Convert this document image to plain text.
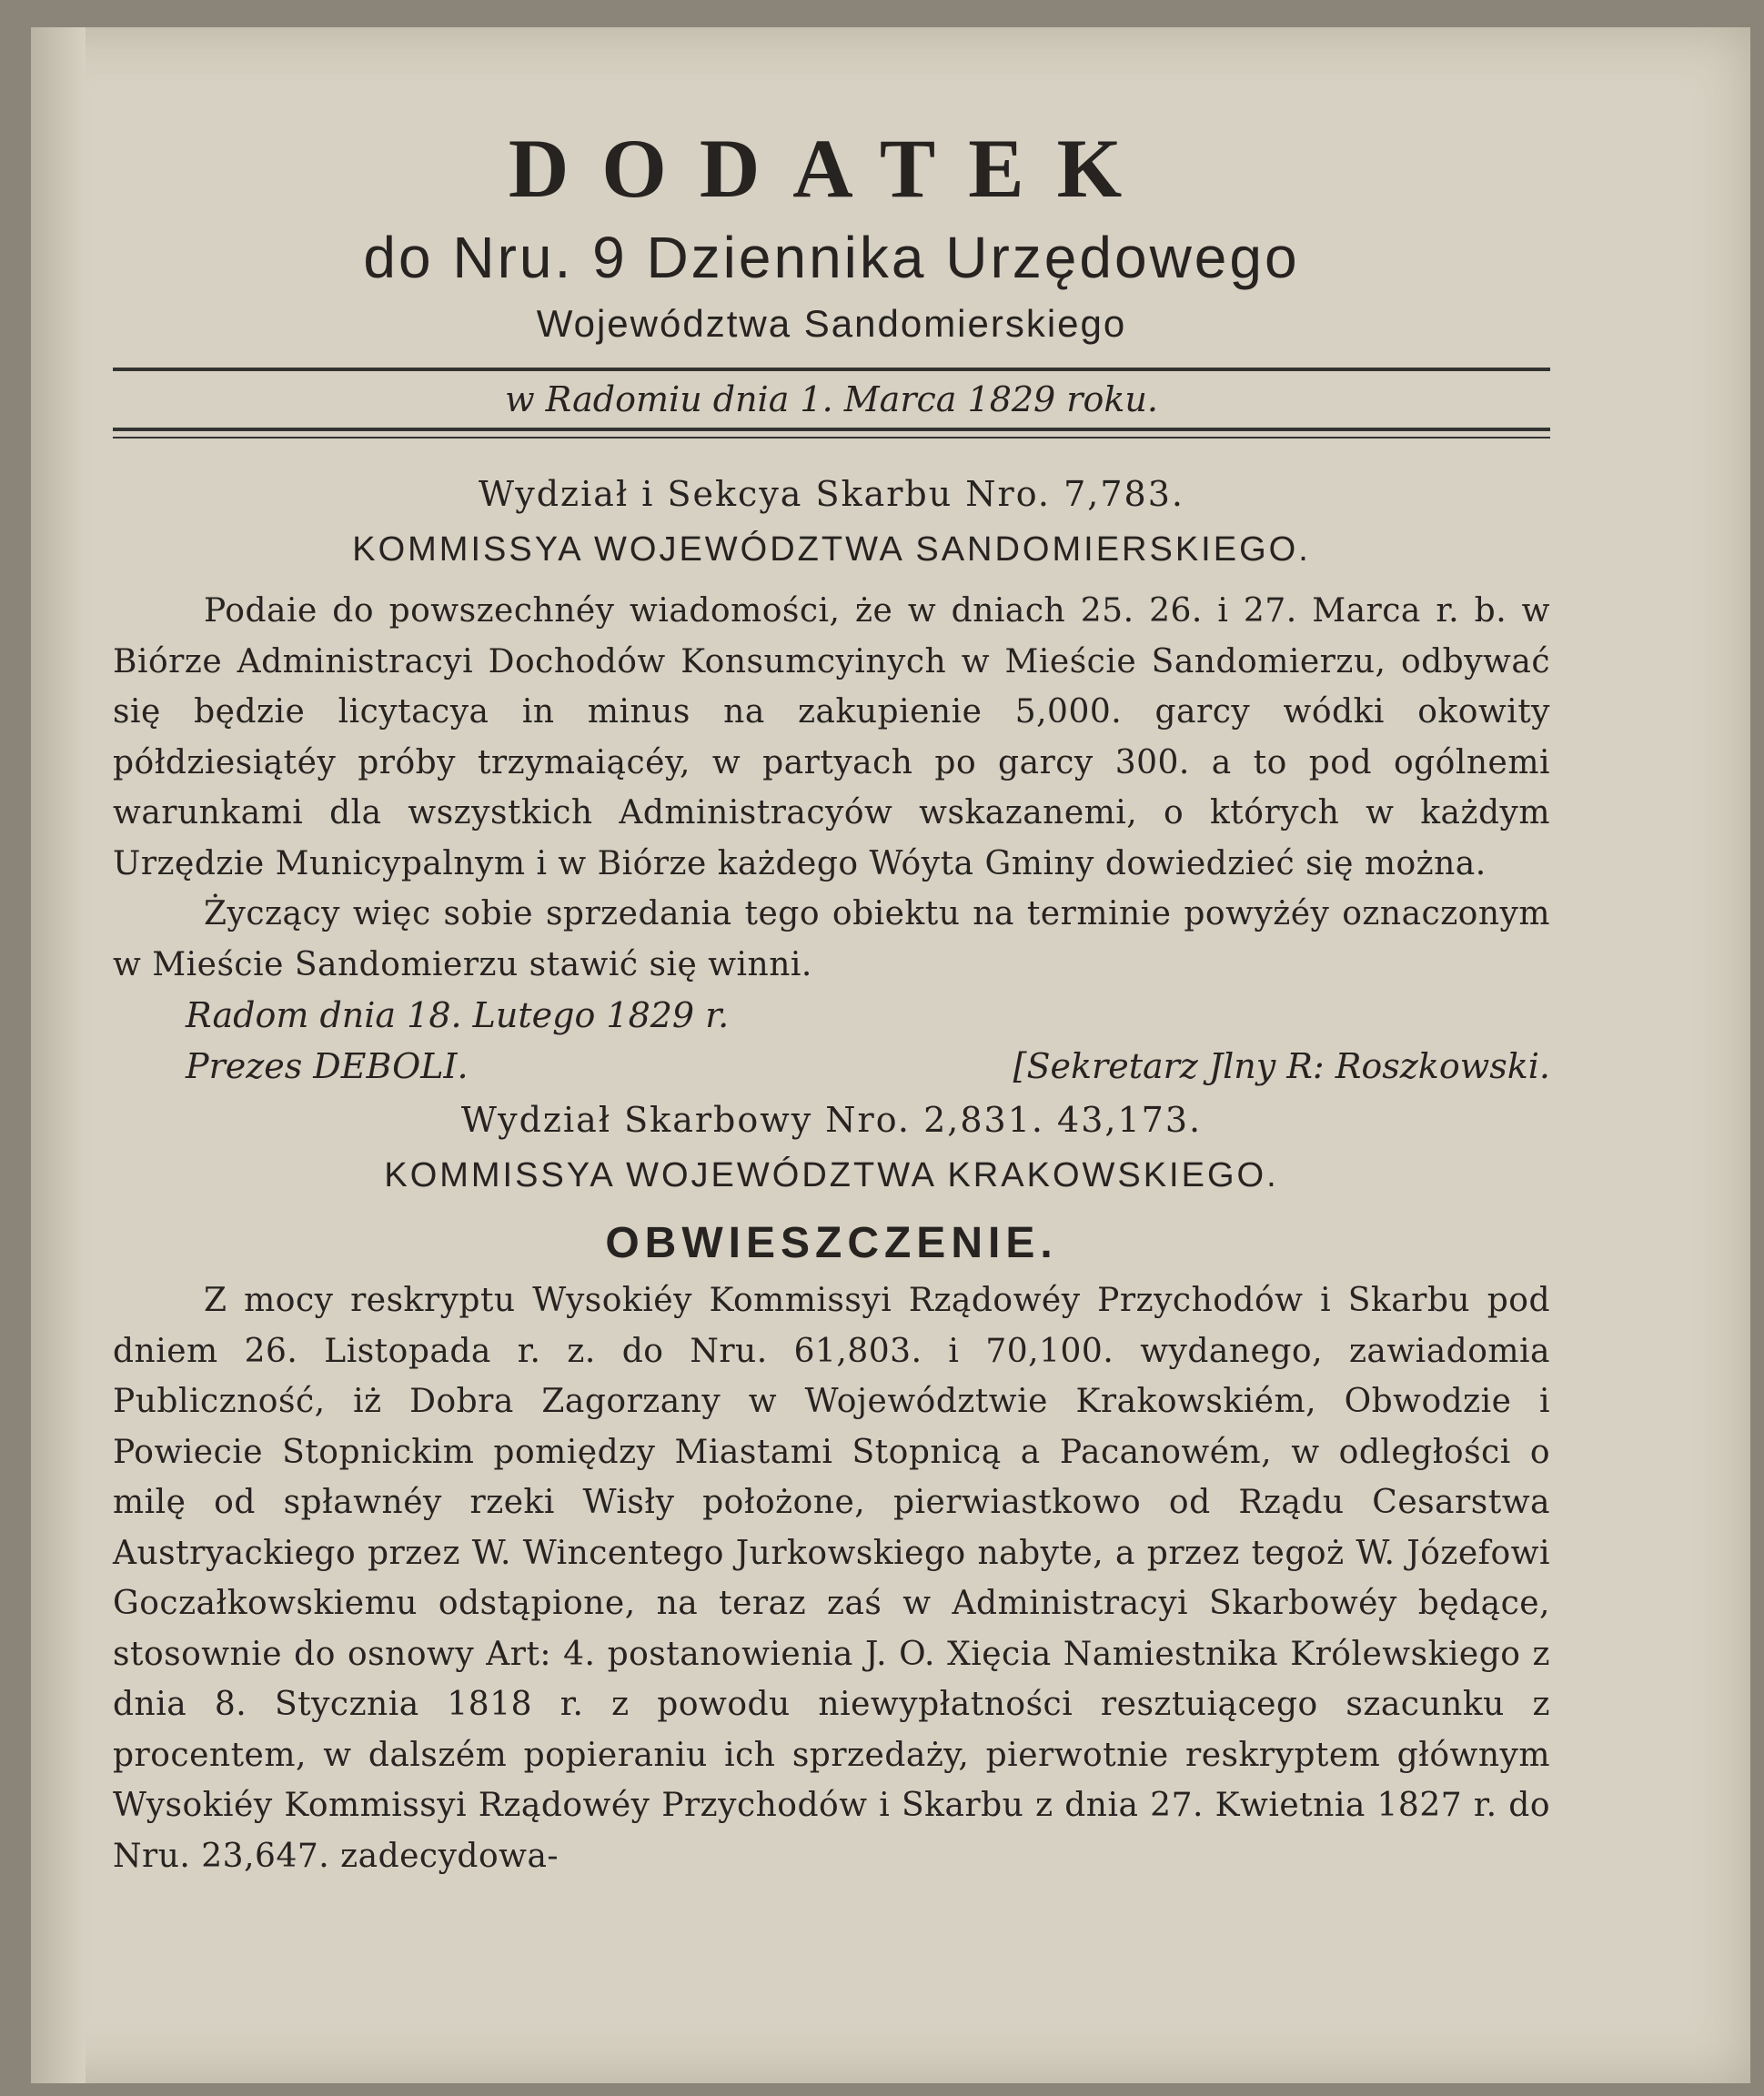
DODATEK

do Nru. 9 Dziennika Urzędowego

Województwa Sandomierskiego

w Radomiu dnia 1. Marca 1829 roku.

Wydział i Sekcya Skarbu Nro. 7,783.

KOMMISSYA WOJEWÓDZTWA SANDOMIERSKIEGO.

Podaie do powszechnéy wiadomości, że w dniach 25. 26. i 27. Marca r. b. w Biórze Administracyi Dochodów Konsumcyinych w Mieście Sandomierzu, odbywać się będzie licytacya in minus na zakupienie 5,000. garcy wódki okowity półdziesiątéy próby trzymaiącéy, w partyach po garcy 300. a to pod ogólnemi warunkami dla wszystkich Administracyów wskazanemi, o których w każdym Urzędzie Municypalnym i w Biórze każdego Wóyta Gminy dowiedzieć się można.

Życzący więc sobie sprzedania tego obiektu na terminie powyżéy oznaczonym w Mieście Sandomierzu stawić się winni.

Radom dnia 18. Lutego 1829 r.

Prezes DEBOLI.	[Sekretarz Jlny R: Roszkowski.

Wydział Skarbowy Nro. 2,831. 43,173.

KOMMISSYA WOJEWÓDZTWA KRAKOWSKIEGO.

OBWIESZCZENIE.

Z mocy reskryptu Wysokiéy Kommissyi Rządowéy Przychodów i Skarbu pod dniem 26. Listopada r. z. do Nru. 61,803. i 70,100. wydanego, zawiadomia Publiczność, iż Dobra Zagorzany w Województwie Krakowskiém, Obwodzie i Powiecie Stopnickim pomiędzy Miastami Stopnicą a Pacanowém, w odległości o milę od spławnéy rzeki Wisły położone, pierwiastkowo od Rządu Cesarstwa Austryackiego przez W. Wincentego Jurkowskiego nabyte, a przez tegoż W. Józefowi Goczałkowskiemu odstąpione, na teraz zaś w Administracyi Skarbowéy będące, stosownie do osnowy Art: 4. postanowienia J. O. Xięcia Namiestnika Królewskiego z dnia 8. Stycznia 1818 r. z powodu niewypłatności resztuiącego szacunku z procentem, w dalszém popieraniu ich sprzedaży, pierwotnie reskryptem głównym Wysokiéy Kommissyi Rządowéy Przychodów i Skarbu z dnia 27. Kwietnia 1827 r. do Nru. 23,647. zadecydowa-
